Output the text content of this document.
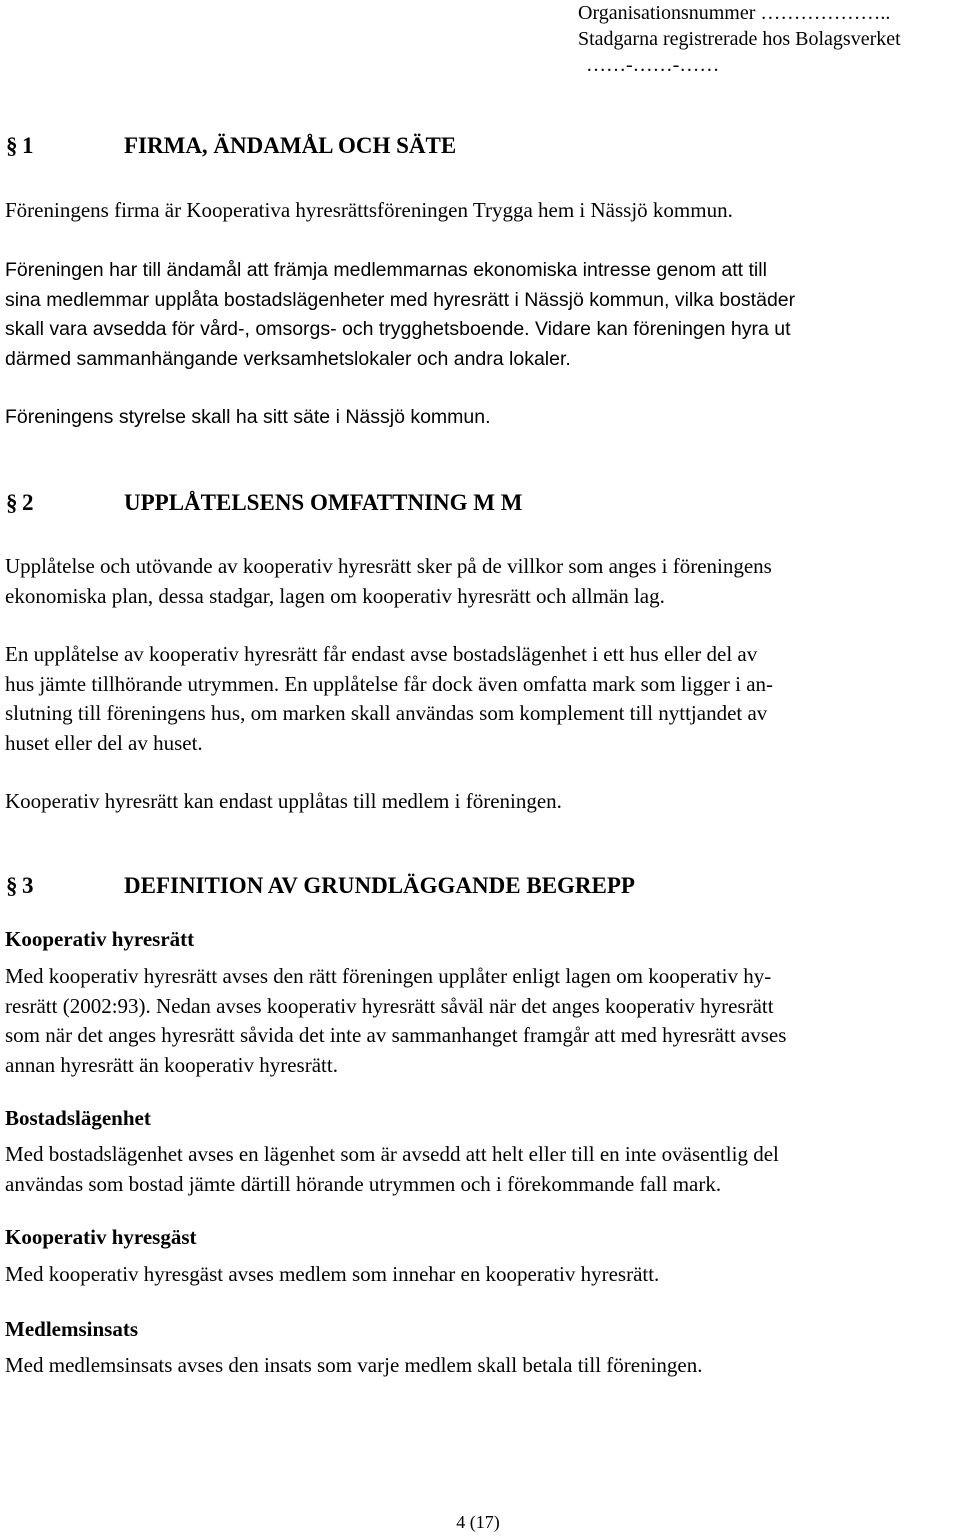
Organisationsnummer ………………..
Stadgarna registrerade hos Bolagsverket
……-……-……
§ 1	FIRMA, ÄNDAMÅL OCH SÄTE
Föreningens firma är Kooperativa hyresrättsföreningen Trygga hem i Nässjö kommun.
Föreningen har till ändamål att främja medlemmarnas ekonomiska intresse genom att till
sina medlemmar upplåta bostadslägenheter med hyresrätt i Nässjö kommun, vilka bostäder
skall vara avsedda för vård-, omsorgs- och trygghetsboende. Vidare kan föreningen hyra ut
därmed sammanhängande verksamhetslokaler och andra lokaler.
Föreningens styrelse skall ha sitt säte i Nässjö kommun.
§ 2	UPPLÅTELSENS OMFATTNING M M
Upplåtelse och utövande av kooperativ hyresrätt sker på de villkor som anges i föreningens
ekonomiska plan, dessa stadgar, lagen om kooperativ hyresrätt och allmän lag.
En upplåtelse av kooperativ hyresrätt får endast avse bostadslägenhet i ett hus eller del av
hus jämte tillhörande utrymmen. En upplåtelse får dock även omfatta mark som ligger i an-
slutning till föreningens hus, om marken skall användas som komplement till nyttjandet av
huset eller del av huset.
Kooperativ hyresrätt kan endast upplåtas till medlem i föreningen.
§ 3	DEFINITION AV GRUNDLÄGGANDE BEGREPP
Kooperativ hyresrätt
Med kooperativ hyresrätt avses den rätt föreningen upplåter enligt lagen om kooperativ hy-
resrätt (2002:93). Nedan avses kooperativ hyresrätt såväl när det anges kooperativ hyresrätt
som när det anges hyresrätt såvida det inte av sammanhanget framgår att med hyresrätt avses
annan hyresrätt än kooperativ hyresrätt.
Bostadslägenhet
Med bostadslägenhet avses en lägenhet som är avsedd att helt eller till en inte oväsentlig del
användas som bostad jämte därtill hörande utrymmen och i förekommande fall mark.
Kooperativ hyresgäst
Med kooperativ hyresgäst avses medlem som innehar en kooperativ hyresrätt.
Medlemsinsats
Med medlemsinsats avses den insats som varje medlem skall betala till föreningen.
4 (17)
